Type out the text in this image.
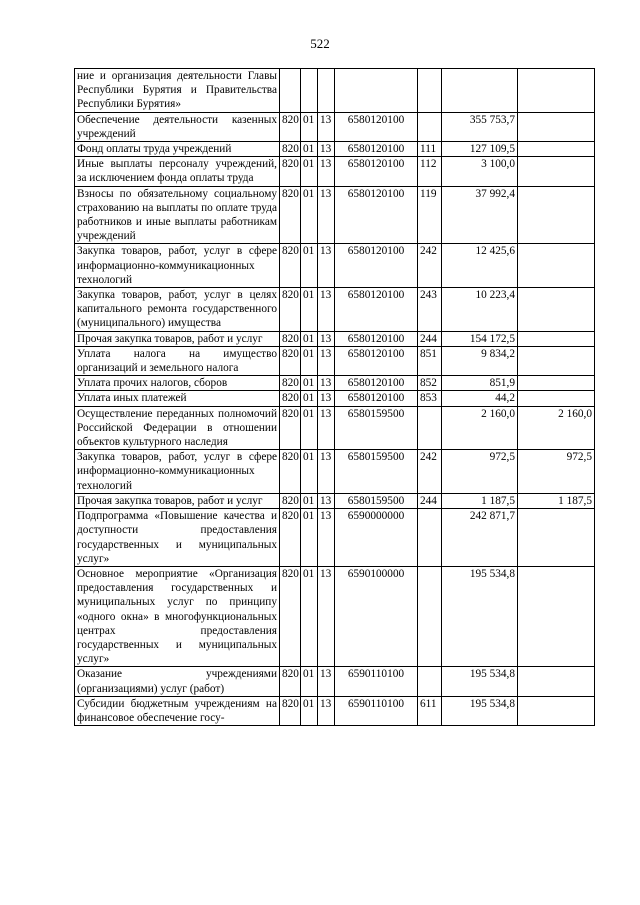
522
ние и организация деятельности Главы Республики Бурятия и Правительства Республики Бурятия»							
Обеспечение деятельности казенных учреждений	820	01	13	6580120100		355 753,7	
Фонд оплаты труда учреждений	820	01	13	6580120100	111	127 109,5	
Иные выплаты персоналу учреждений, за исключением фонда оплаты труда	820	01	13	6580120100	112	3 100,0	
Взносы по обязательному социальному страхованию на выплаты по оплате труда работников и иные выплаты работникам учреждений	820	01	13	6580120100	119	37 992,4	
Закупка товаров, работ, услуг в сфере информационно-коммуникационных технологий	820	01	13	6580120100	242	12 425,6	
Закупка товаров, работ, услуг в целях капитального ремонта государственного (муниципального) имущества	820	01	13	6580120100	243	10 223,4	
Прочая закупка товаров, работ и услуг	820	01	13	6580120100	244	154 172,5	
Уплата налога на имущество организаций и земельного налога	820	01	13	6580120100	851	9 834,2	
Уплата прочих налогов, сборов	820	01	13	6580120100	852	851,9	
Уплата иных платежей	820	01	13	6580120100	853	44,2	
Осуществление переданных полномочий Российской Федерации в отношении объектов культурного наследия	820	01	13	6580159500		2 160,0	2 160,0
Закупка товаров, работ, услуг в сфере информационно-коммуникационных технологий	820	01	13	6580159500	242	972,5	972,5
Прочая закупка товаров, работ и услуг	820	01	13	6580159500	244	1 187,5	1 187,5
Подпрограмма «Повышение качества и доступности предоставления государственных и муниципальных услуг»	820	01	13	6590000000		242 871,7	
Основное мероприятие «Организация предоставления государственных и муниципальных услуг по принципу «одного окна» в многофункциональных центрах предоставления государственных и муниципальных услуг»	820	01	13	6590100000		195 534,8	
Оказание учреждениями (организациями) услуг (работ)	820	01	13	6590110100		195 534,8	
Субсидии бюджетным учреждениям на финансовое обеспечение госу-	820	01	13	6590110100	611	195 534,8	
